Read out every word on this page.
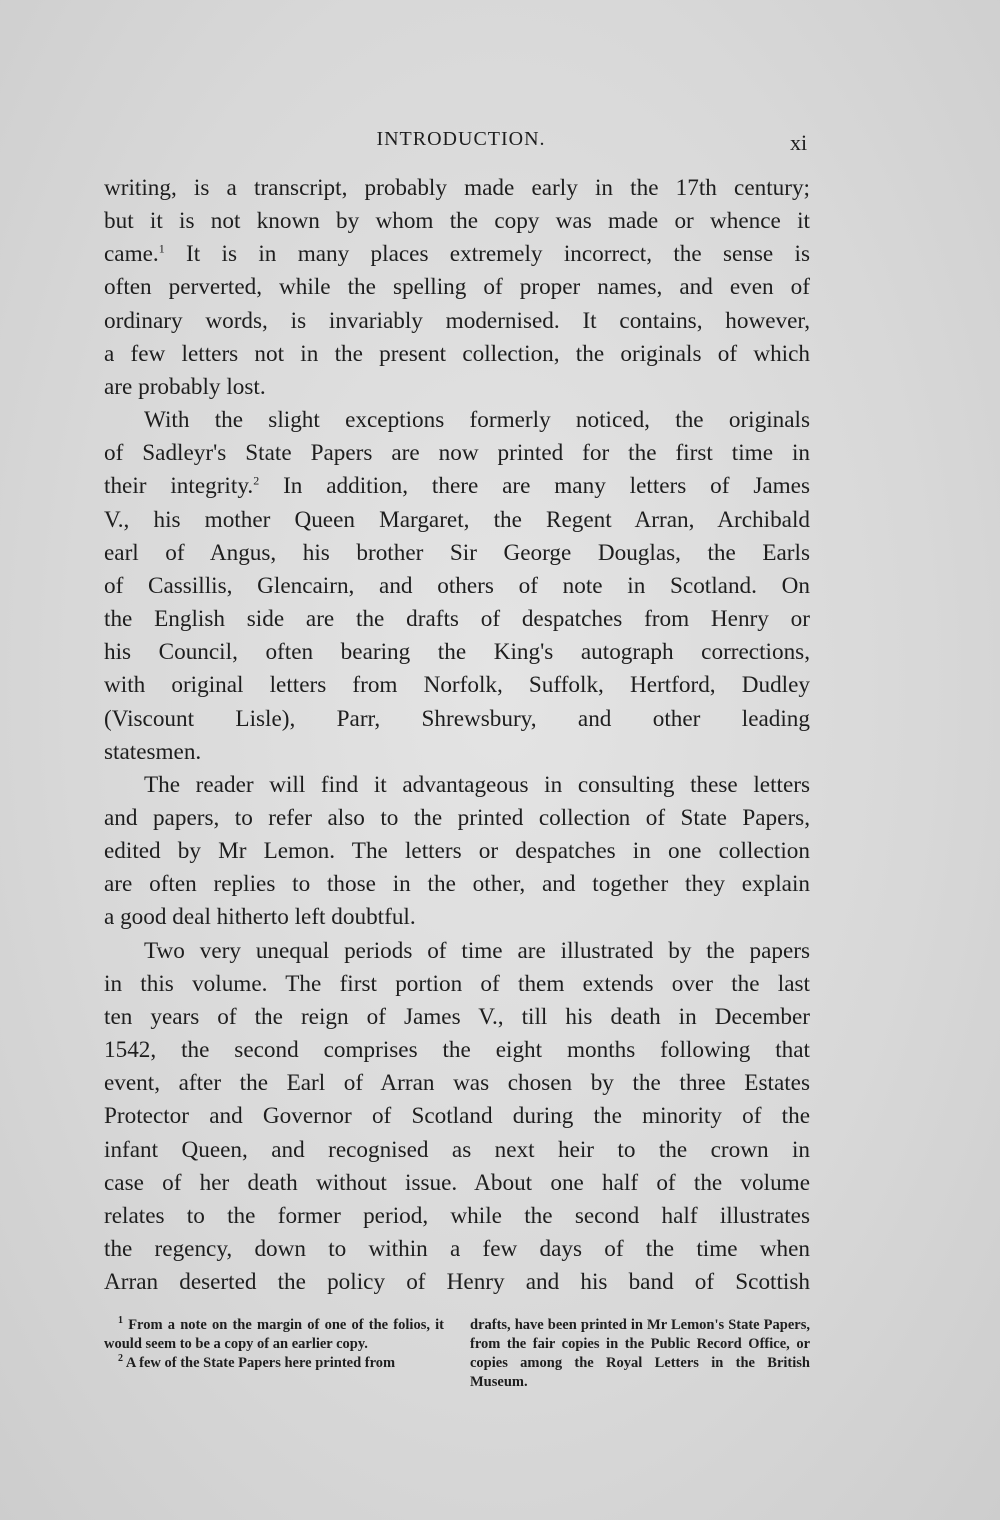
INTRODUCTION.	xi
writing, is a transcript, probably made early in the 17th century;
but it is not known by whom the copy was made or whence it
came.$^1$ It is in many places extremely incorrect, the sense is
often perverted, while the spelling of proper names, and even of
ordinary words, is invariably modernised. It contains, however,
a few letters not in the present collection, the originals of which
are probably lost.
With the slight exceptions formerly noticed, the originals
of Sadleyr's State Papers are now printed for the first time in
their integrity.$^2$ In addition, there are many letters of James
V., his mother Queen Margaret, the Regent Arran, Archibald
earl of Angus, his brother Sir George Douglas, the Earls
of Cassillis, Glencairn, and others of note in Scotland. On
the English side are the drafts of despatches from Henry or
his Council, often bearing the King's autograph corrections,
with original letters from Norfolk, Suffolk, Hertford, Dudley
(Viscount Lisle), Parr, Shrewsbury, and other leading
statesmen.
The reader will find it advantageous in consulting these letters
and papers, to refer also to the printed collection of State Papers,
edited by Mr Lemon. The letters or despatches in one collection
are often replies to those in the other, and together they explain
a good deal hitherto left doubtful.
Two very unequal periods of time are illustrated by the papers
in this volume. The first portion of them extends over the last
ten years of the reign of James V., till his death in December
1542, the second comprises the eight months following that
event, after the Earl of Arran was chosen by the three Estates
Protector and Governor of Scotland during the minority of the
infant Queen, and recognised as next heir to the crown in
case of her death without issue. About one half of the volume
relates to the former period, while the second half illustrates
the regency, down to within a few days of the time when
Arran deserted the policy of Henry and his band of Scottish

$^1$ From a note on the margin of one of the folios, it would seem to be a copy of an earlier copy.

$^2$ A few of the State Papers here printed from

drafts, have been printed in Mr Lemon's State Papers, from the fair copies in the Public Record Office, or copies among the Royal Letters in the British Museum.
